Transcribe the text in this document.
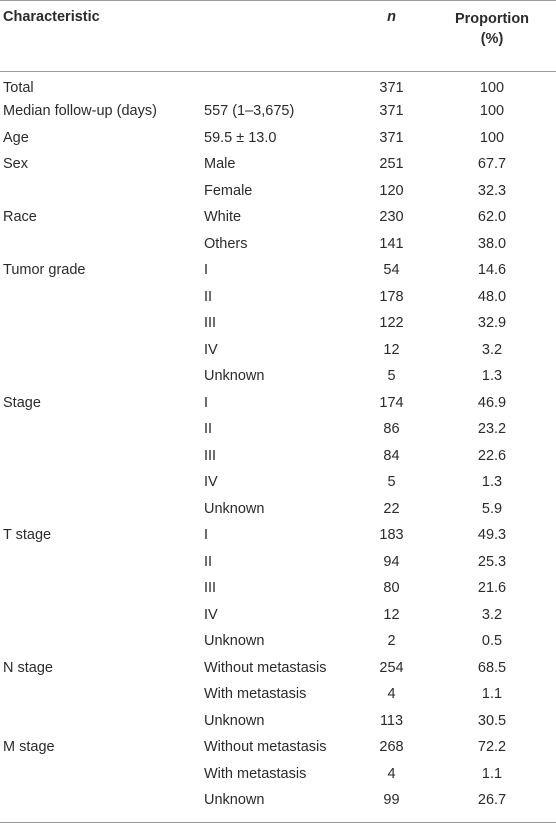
Characteristic		n	Proportion
(%)

Total		371	100
Median follow-up (days)	557 (1–3,675)	371	100
Age	59.5 ± 13.0	371	100
Sex	Male	251	67.7
	Female	120	32.3
Race	White	230	62.0
	Others	141	38.0
Tumor grade	I	54	14.6
	II	178	48.0
	III	122	32.9
	IV	12	3.2
	Unknown	5	1.3
Stage	I	174	46.9
	II	86	23.2
	III	84	22.6
	IV	5	1.3
	Unknown	22	5.9
T stage	I	183	49.3
	II	94	25.3
	III	80	21.6
	IV	12	3.2
	Unknown	2	0.5
N stage	Without metastasis	254	68.5
	With metastasis	4	1.1
	Unknown	113	30.5
M stage	Without metastasis	268	72.2
	With metastasis	4	1.1
	Unknown	99	26.7
